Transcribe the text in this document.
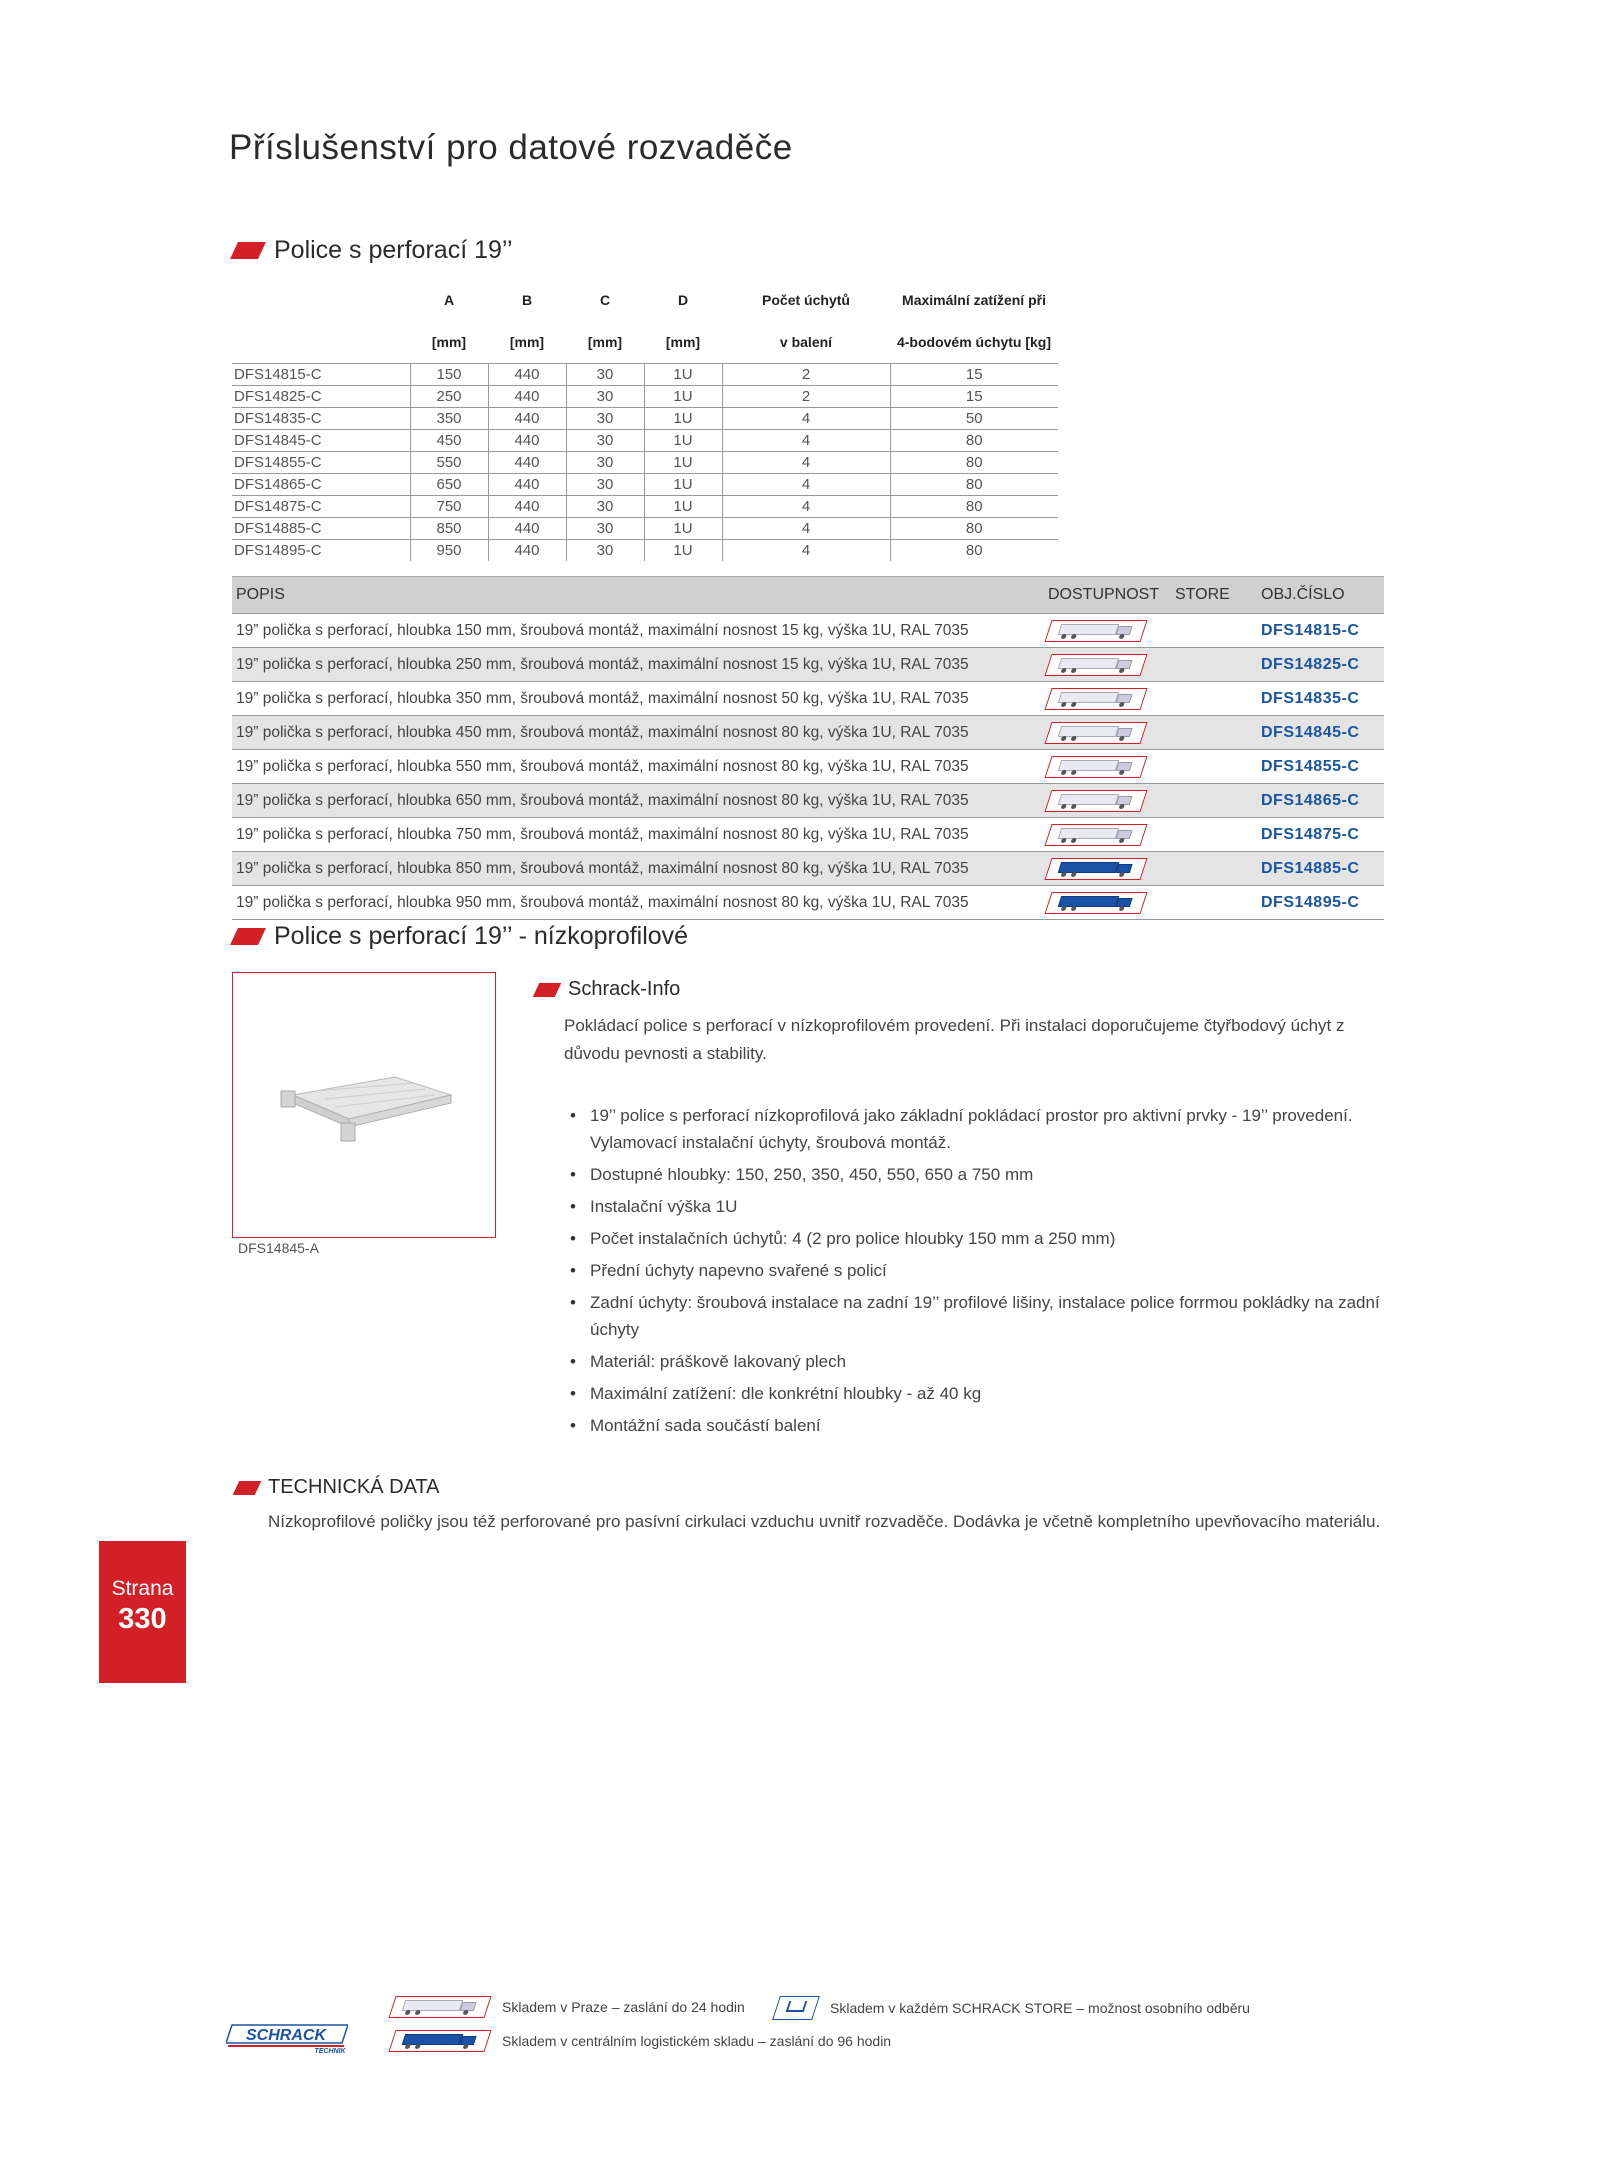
Příslušenství pro datové rozvaděče
Police s perforací 19’’
	A	B	C	D	Počet úchytů	Maximální zatížení při
	[mm]	[mm]	[mm]	[mm]	v balení	4-bodovém úchytu [kg]
DFS14815-C	150	440	30	1U	2	15
DFS14825-C	250	440	30	1U	2	15
DFS14835-C	350	440	30	1U	4	50
DFS14845-C	450	440	30	1U	4	80
DFS14855-C	550	440	30	1U	4	80
DFS14865-C	650	440	30	1U	4	80
DFS14875-C	750	440	30	1U	4	80
DFS14885-C	850	440	30	1U	4	80
DFS14895-C	950	440	30	1U	4	80
POPIS	DOSTUPNOST	STORE	OBJ.ČÍSLO
19” polička s perforací, hloubka 150 mm, šroubová montáž, maximální nosnost 15 kg, výška 1U, RAL 7035			DFS14815-C
19” polička s perforací, hloubka 250 mm, šroubová montáž, maximální nosnost 15 kg, výška 1U, RAL 7035			DFS14825-C
19” polička s perforací, hloubka 350 mm, šroubová montáž, maximální nosnost 50 kg, výška 1U, RAL 7035			DFS14835-C
19” polička s perforací, hloubka 450 mm, šroubová montáž, maximální nosnost 80 kg, výška 1U, RAL 7035			DFS14845-C
19” polička s perforací, hloubka 550 mm, šroubová montáž, maximální nosnost 80 kg, výška 1U, RAL 7035			DFS14855-C
19” polička s perforací, hloubka 650 mm, šroubová montáž, maximální nosnost 80 kg, výška 1U, RAL 7035			DFS14865-C
19” polička s perforací, hloubka 750 mm, šroubová montáž, maximální nosnost 80 kg, výška 1U, RAL 7035			DFS14875-C
19” polička s perforací, hloubka 850 mm, šroubová montáž, maximální nosnost 80 kg, výška 1U, RAL 7035			DFS14885-C
19” polička s perforací, hloubka 950 mm, šroubová montáž, maximální nosnost 80 kg, výška 1U, RAL 7035			DFS14895-C
Police s perforací 19’’ - nízkoprofilové
DFS14845-A
Schrack-Info
Pokládací police s perforací v nízkoprofilovém provedení. Při instalaci doporučujeme čtyřbodový úchyt z důvodu pevnosti a stability.
• 19’’ police s perforací nízkoprofilová jako základní pokládací prostor pro aktivní prvky - 19’’ provedení. Vylamovací instalační úchyty, šroubová montáž.
• Dostupné hloubky: 150, 250, 350, 450, 550, 650 a 750 mm
• Instalační výška 1U
• Počet instalačních úchytů: 4 (2 pro police hloubky 150 mm a 250 mm)
• Přední úchyty napevno svařené s policí
• Zadní úchyty: šroubová instalace na zadní 19’’ profilové lišiny, instalace police forrmou pokládky na zadní úchyty
• Materiál: práškově lakovaný plech
• Maximální zatížení: dle konkrétní hloubky - až 40 kg
• Montážní sada součástí balení
TECHNICKÁ DATA
Nízkoprofilové poličky jsou též perforované pro pasívní cirkulaci vzduchu uvnitř rozvaděče. Dodávka je včetně kompletního upevňovacího materiálu.
Strana
330
Skladem v Praze – zaslání do 24 hodin	Skladem v každém SCHRACK STORE – možnost osobního odběru
Skladem v centrálním logistickém skladu – zaslání do 96 hodin
SCHRACK
TECHNIK
